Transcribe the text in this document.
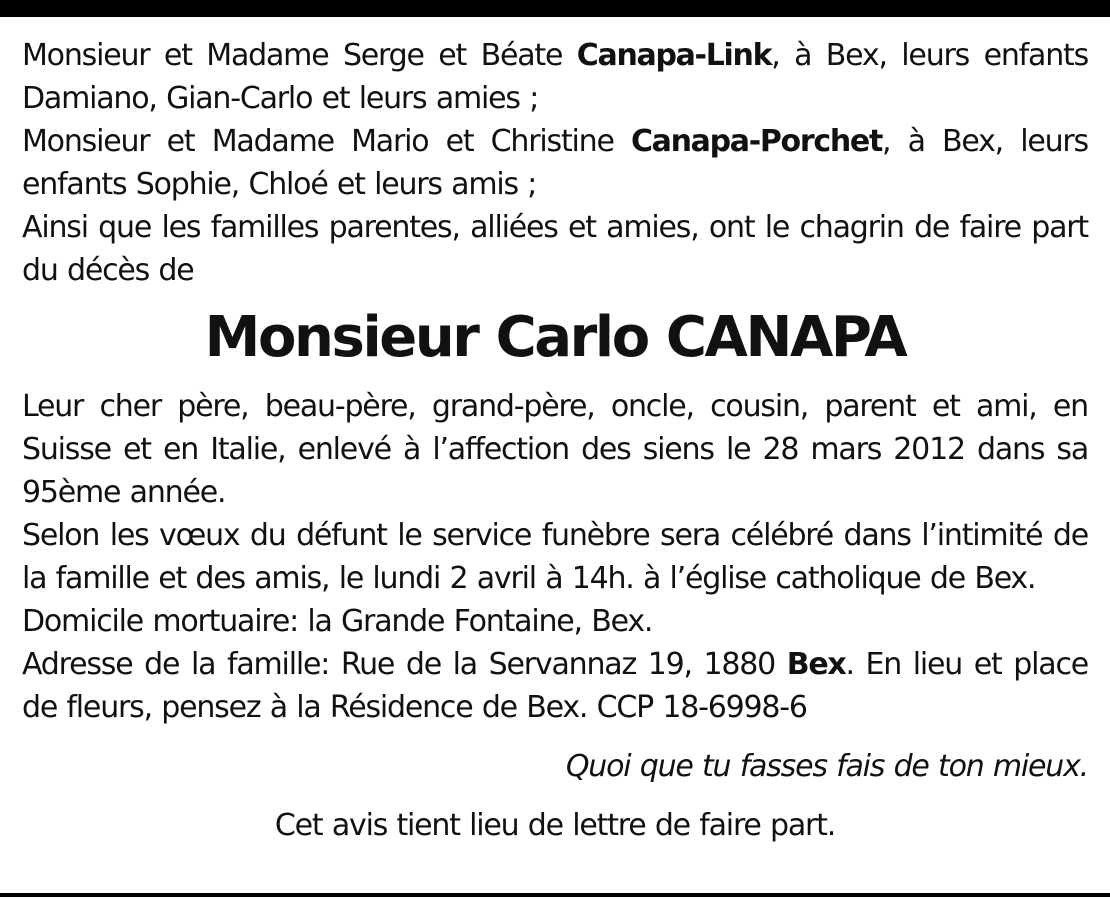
Monsieur et Madame Serge et Béate Canapa-Link, à Bex, leurs enfants Damiano, Gian-Carlo et leurs amies ;
Monsieur et Madame Mario et Christine Canapa-Porchet, à Bex, leurs enfants Sophie, Chloé et leurs amis ;
Ainsi que les familles parentes, alliées et amies, ont le chagrin de faire part du décès de
Monsieur Carlo CANAPA
Leur cher père, beau-père, grand-père, oncle, cousin, parent et ami, en Suisse et en Italie, enlevé à l’affection des siens le 28 mars 2012 dans sa 95ème année.
Selon les vœux du défunt le service funèbre sera célébré dans l’intimité de la famille et des amis, le lundi 2 avril à 14h. à l’église catholique de Bex.
Domicile mortuaire: la Grande Fontaine, Bex.
Adresse de la famille: Rue de la Servannaz 19, 1880 Bex. En lieu et place de fleurs, pensez à la Résidence de Bex. CCP 18-6998-6
Quoi que tu fasses fais de ton mieux.
Cet avis tient lieu de lettre de faire part.
